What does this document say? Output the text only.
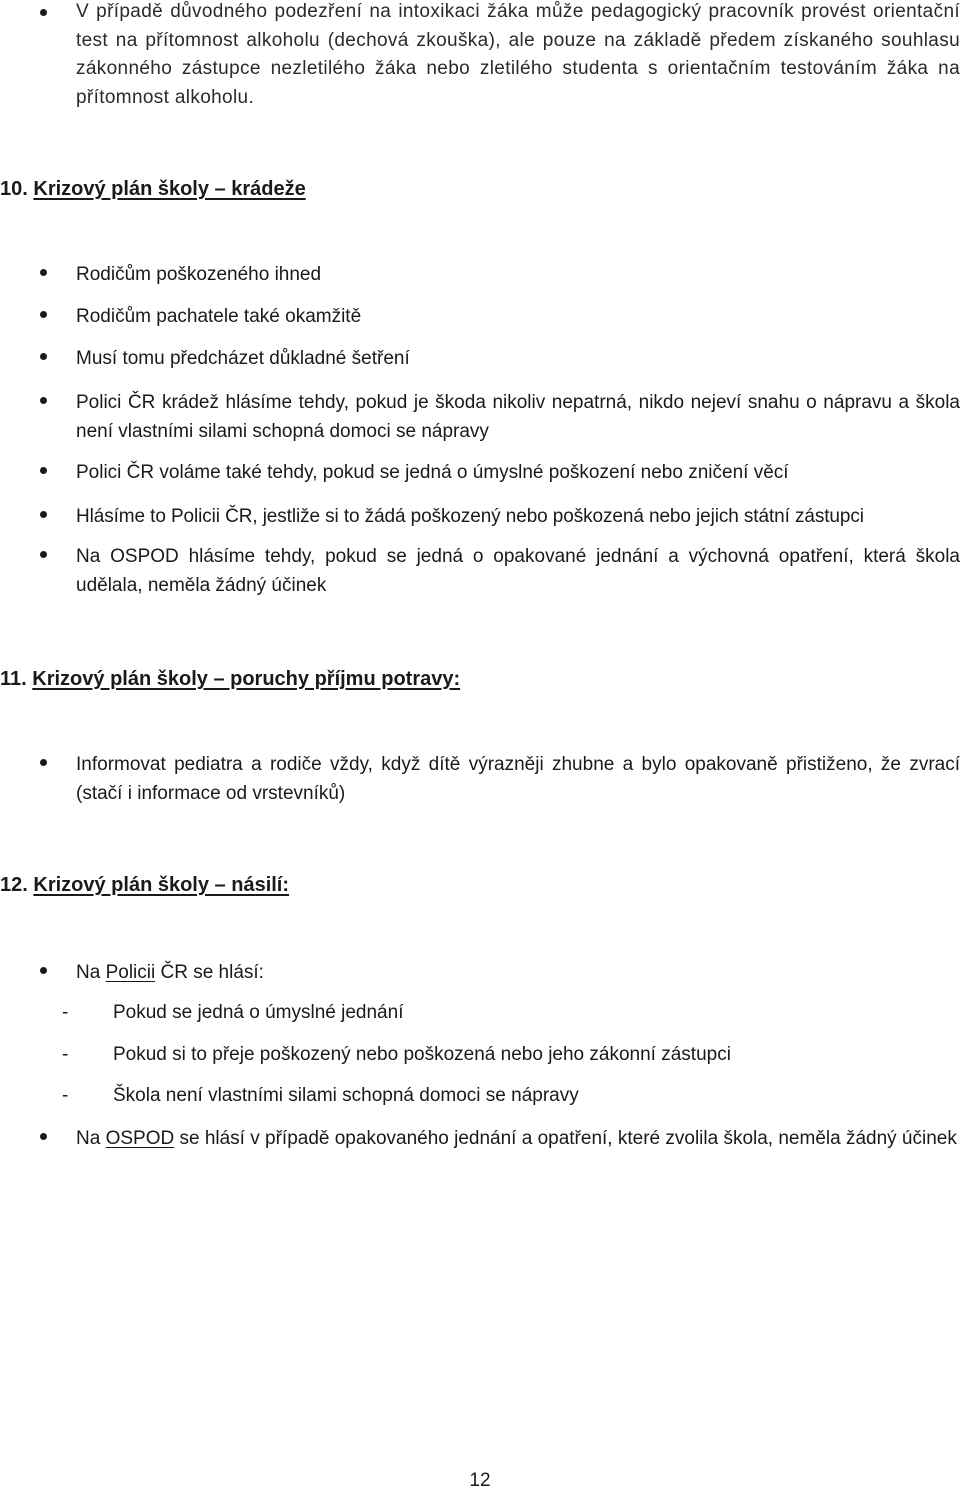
V případě důvodného podezření na intoxikaci žáka může pedagogický pracovník provést orientační test na přítomnost alkoholu (dechová zkouška), ale pouze na základě předem získaného souhlasu zákonného zástupce nezletilého žáka nebo zletilého studenta s orientačním testováním žáka na přítomnost alkoholu.
10. Krizový plán školy – krádeže
Rodičům poškozeného ihned
Rodičům pachatele také okamžitě
Musí tomu předcházet důkladné šetření
Polici ČR krádež hlásíme tehdy, pokud je škoda nikoliv nepatrná, nikdo nejeví snahu o nápravu a škola není vlastními silami schopná domoci se nápravy
Polici ČR voláme také tehdy, pokud se jedná o úmyslné poškození nebo zničení věcí
Hlásíme to Policii ČR, jestliže si to žádá poškozený nebo poškozená nebo jejich státní zástupci
Na OSPOD hlásíme tehdy, pokud se jedná o opakované jednání a výchovná opatření, která škola udělala, neměla žádný účinek
11. Krizový plán školy – poruchy příjmu potravy:
Informovat pediatra a rodiče vždy, když dítě výrazněji zhubne a bylo opakovaně přistiženo, že zvrací (stačí i informace od vrstevníků)
12. Krizový plán školy – násilí:
Na Policii ČR se hlásí:
- Pokud se jedná o úmyslné jednání
- Pokud si to přeje poškozený nebo poškozená nebo jeho zákonní zástupci
- Škola není vlastními silami schopná domoci se nápravy
Na OSPOD se hlásí v případě opakovaného jednání a opatření, které zvolila škola, neměla žádný účinek
12
